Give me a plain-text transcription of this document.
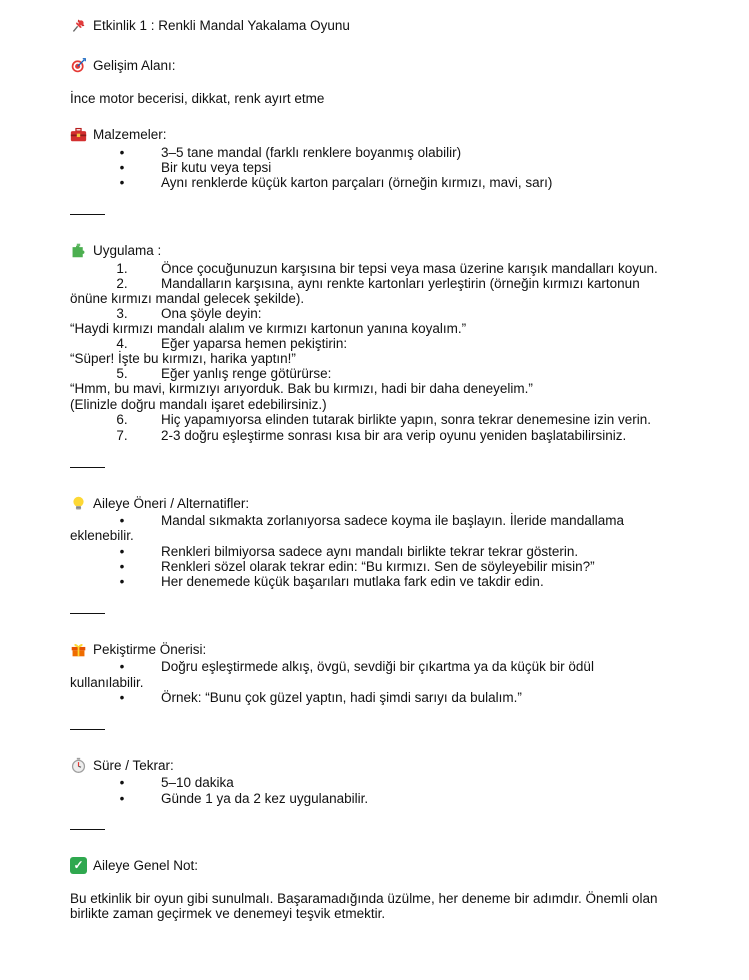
Etkinlik 1 : Renkli Mandal Yakalama Oyunu
Gelişim Alanı:
İnce motor becerisi, dikkat, renk ayırt etme
Malzemeler:
•	3–5 tane mandal (farklı renklere boyanmış olabilir)
•	Bir kutu veya tepsi
•	Aynı renklerde küçük karton parçaları (örneğin kırmızı, mavi, sarı)
Uygulama :
1. Önce çocuğunuzun karşısına bir tepsi veya masa üzerine karışık mandalları koyun.
2. Mandalların karşısına, aynı renkte kartonları yerleştirin (örneğin kırmızı kartonun
önüne kırmızı mandal gelecek şekilde).
3. Ona şöyle deyin:
“Haydi kırmızı mandalı alalım ve kırmızı kartonun yanına koyalım.”
4. Eğer yaparsa hemen pekiştirin:
“Süper! İşte bu kırmızı, harika yaptın!”
5. Eğer yanlış renge götürürse:
“Hmm, bu mavi, kırmızıyı arıyorduk. Bak bu kırmızı, hadi bir daha deneyelim.”
(Elinizle doğru mandalı işaret edebilirsiniz.)
6. Hiç yapamıyorsa elinden tutarak birlikte yapın, sonra tekrar denemesine izin verin.
7. 2-3 doğru eşleştirme sonrası kısa bir ara verip oyunu yeniden başlatabilirsiniz.
Aileye Öneri / Alternatifler:
•	Mandal sıkmakta zorlanıyorsa sadece koyma ile başlayın. İleride mandallama
eklenebilir.
•	Renkleri bilmiyorsa sadece aynı mandalı birlikte tekrar tekrar gösterin.
•	Renkleri sözel olarak tekrar edin: “Bu kırmızı. Sen de söyleyebilir misin?”
•	Her denemede küçük başarıları mutlaka fark edin ve takdir edin.
Pekiştirme Önerisi:
•	Doğru eşleştirmede alkış, övgü, sevdiği bir çıkartma ya da küçük bir ödül
kullanılabilir.
•	Örnek: “Bunu çok güzel yaptın, hadi şimdi sarıyı da bulalım.”
Süre / Tekrar:
•	5–10 dakika
•	Günde 1 ya da 2 kez uygulanabilir.
✓ Aileye Genel Not:
Bu etkinlik bir oyun gibi sunulmalı. Başaramadığında üzülme, her deneme bir adımdır. Önemli olan
birlikte zaman geçirmek ve denemeyi teşvik etmektir.
